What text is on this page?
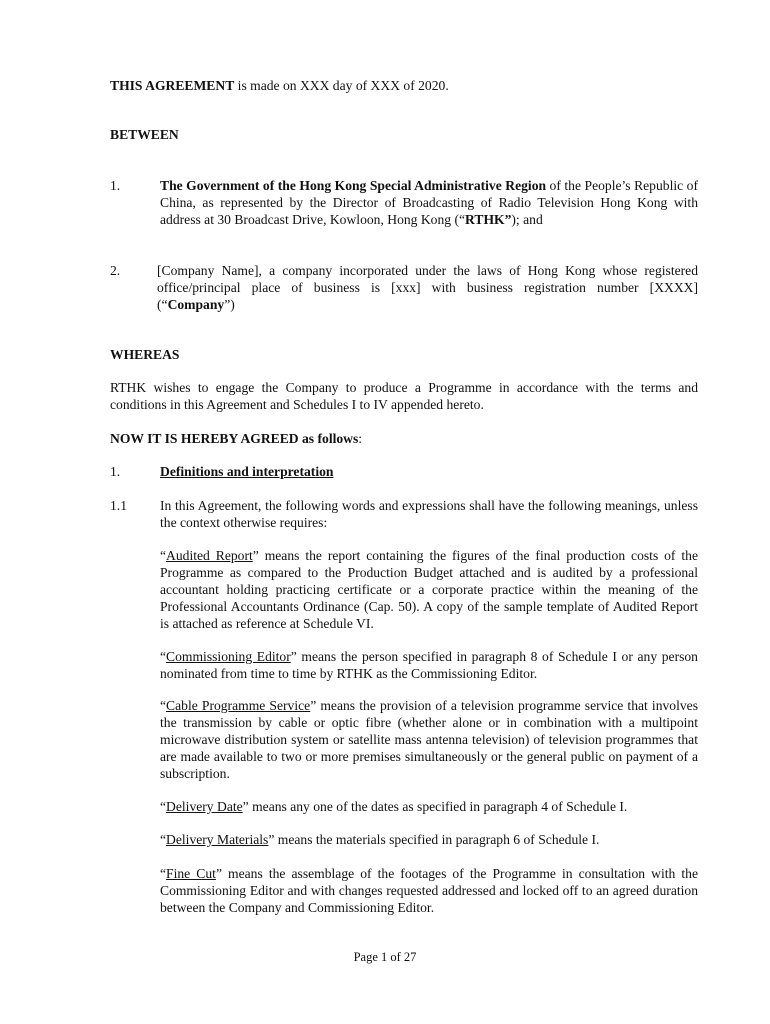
THIS AGREEMENT is made on XXX day of XXX of 2020.
BETWEEN
1.	The Government of the Hong Kong Special Administrative Region of the People’s Republic of China, as represented by the Director of Broadcasting of Radio Television Hong Kong with address at 30 Broadcast Drive, Kowloon, Hong Kong (“RTHK”); and
2.	[Company Name], a company incorporated under the laws of Hong Kong whose registered office/principal place of business is [xxx] with business registration number [XXXX] (“Company”)
WHEREAS
RTHK wishes to engage the Company to produce a Programme in accordance with the terms and conditions in this Agreement and Schedules I to IV appended hereto.
NOW IT IS HEREBY AGREED as follows:
1.	Definitions and interpretation
1.1 In this Agreement, the following words and expressions shall have the following meanings, unless the context otherwise requires:
“Audited Report” means the report containing the figures of the final production costs of the Programme as compared to the Production Budget attached and is audited by a professional accountant holding practicing certificate or a corporate practice within the meaning of the Professional Accountants Ordinance (Cap. 50). A copy of the sample template of Audited Report is attached as reference at Schedule VI.
“Commissioning Editor” means the person specified in paragraph 8 of Schedule I or any person nominated from time to time by RTHK as the Commissioning Editor.
“Cable Programme Service” means the provision of a television programme service that involves the transmission by cable or optic fibre (whether alone or in combination with a multipoint microwave distribution system or satellite mass antenna television) of television programmes that are made available to two or more premises simultaneously or the general public on payment of a subscription.
“Delivery Date” means any one of the dates as specified in paragraph 4 of Schedule I.
“Delivery Materials” means the materials specified in paragraph 6 of Schedule I.
“Fine Cut” means the assemblage of the footages of the Programme in consultation with the Commissioning Editor and with changes requested addressed and locked off to an agreed duration between the Company and Commissioning Editor.
Page 1 of 27
